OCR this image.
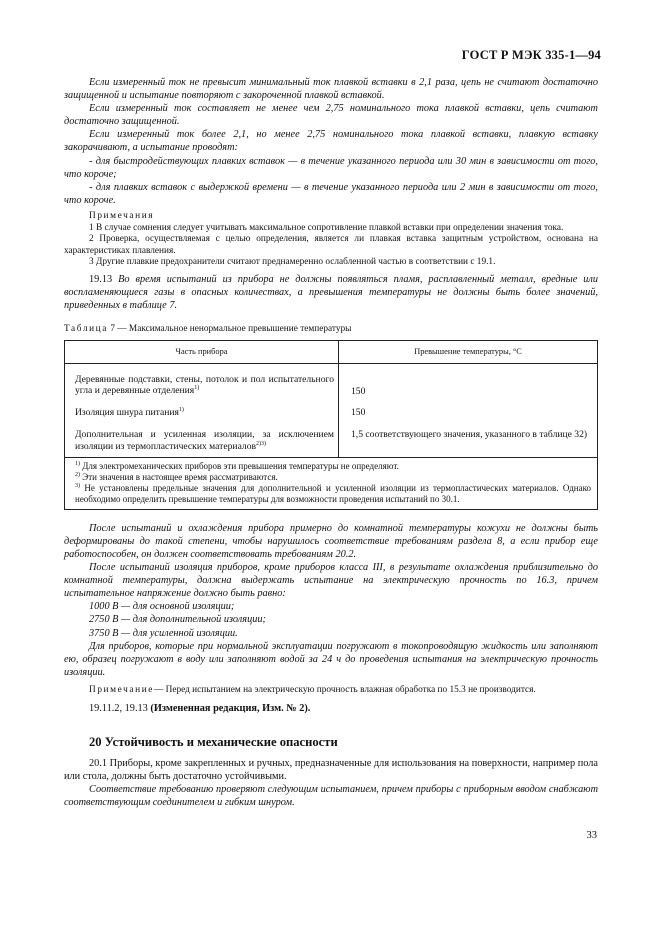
ГОСТ Р МЭК 335-1—94

Если измеренный ток не превысит минимальный ток плавкой вставки в 2,1 раза, цепь не считают достаточно защищенной и испытание повторяют с закороченной плавкой вставкой.

Если измеренный ток составляет не менее чем 2,75 номинального тока плавкой вставки, цепь считают достаточно защищенной.

Если измеренный ток более 2,1, но менее 2,75 номинального тока плавкой вставки, плавкую вставку закорачивают, а испытание проводят:

- для быстродействующих плавких вставок — в течение указанного периода или 30 мин в зависимости от того, что короче;

- для плавких вставок с выдержкой времени — в течение указанного периода или 2 мин в зависимости от того, что короче.

Примечания

1 В случае сомнения следует учитывать максимальное сопротивление плавкой вставки при определении значения тока.

2 Проверка, осуществляемая с целью определения, является ли плавкая вставка защитным устройством, основана на характеристиках плавления.

3 Другие плавкие предохранители считают преднамеренно ослабленной частью в соответствии с 19.1.

19.13 Во время испытаний из прибора не должны появляться пламя, расплавленный металл, вредные или воспламеняющиеся газы в опасных количествах, а превышения температуры не должны быть более значений, приведенных в таблице 7.

Таблица 7 — Максимальное ненормальное превышение температуры

Часть прибора	Превышение температуры, °С
Деревянные подставки, стены, потолок и пол испытательного угла и деревянные отделения$^{1)}$	150
Изоляция шнура питания$^{1)}$	150
Дополнительная и усиленная изоляции, за исключением изоляции из термопластических материалов$^{2)3)}$	1,5 соответствующего значения, указанного в таблице 32)
$^{1)}$ Для электромеханических приборов эти превышения температуры не определяют.
$^{2)}$ Эти значения в настоящее время рассматриваются.
$^{3)}$ Не установлены предельные значения для дополнительной и усиленной изоляции из термопластических материалов. Однако необходимо определить превышение температуры для возможности проведения испытаний по 30.1.

После испытаний и охлаждения прибора примерно до комнатной температуры кожухи не должны быть деформированы до такой степени, чтобы нарушилось соответствие требованиям раздела 8, а если прибор еще работоспособен, он должен соответствовать требованиям 20.2.

После испытаний изоляция приборов, кроме приборов класса III, в результате охлаждения приблизительно до комнатной температуры, должна выдержать испытание на электрическую прочность по 16.3, причем испытательное напряжение должно быть равно:

1000 В — для основной изоляции;

2750 В — для дополнительной изоляции;

3750 В — для усиленной изоляции.

Для приборов, которые при нормальной эксплуатации погружают в токопроводящую жидкость или заполняют ею, образец погружают в воду или заполняют водой за 24 ч до проведения испытания на электрическую прочность изоляции.

Примечание— Перед испытанием на электрическую прочность влажная обработка по 15.3 не производится.

19.11.2, 19.13 (Измененная редакция, Изм. № 2).

20 Устойчивость и механические опасности

20.1 Приборы, кроме закрепленных и ручных, предназначенные для использования на поверхности, например пола или стола, должны быть достаточно устойчивыми.

Соответствие требованию проверяют следующим испытанием, причем приборы с приборным вводом снабжают соответствующим соединителем и гибким шнуром.

33
